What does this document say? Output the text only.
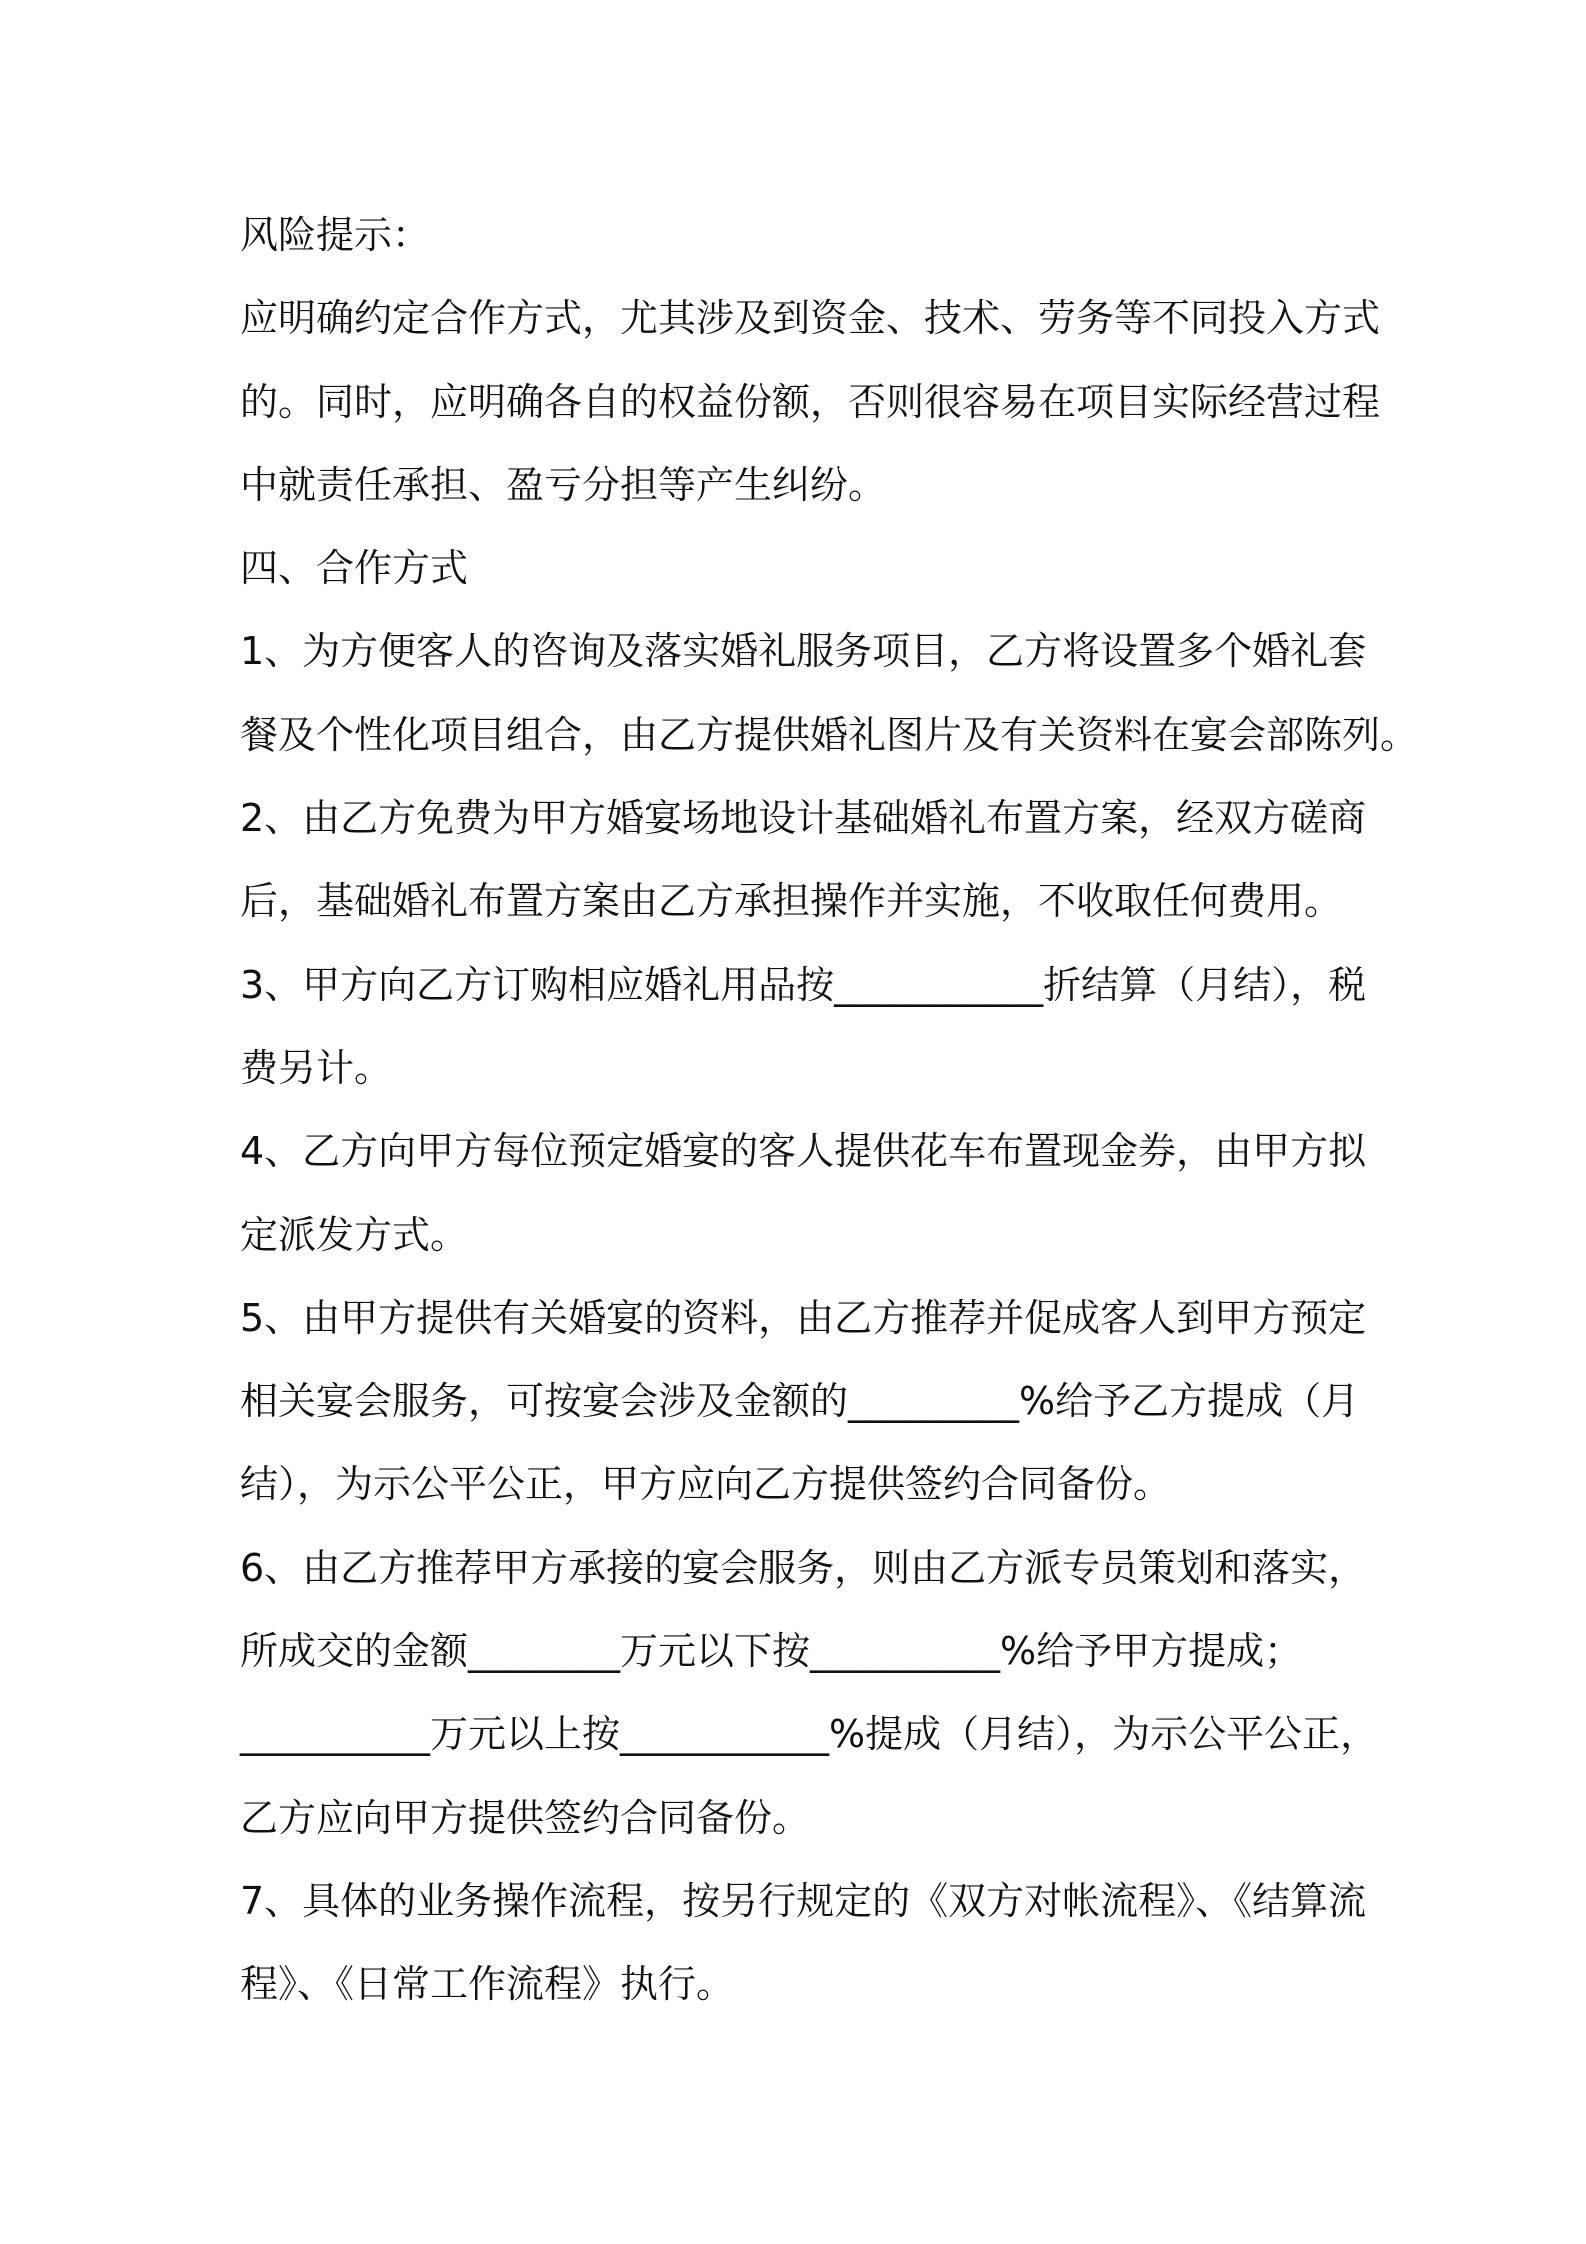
风险提示：
应明确约定合作方式，尤其涉及到资金、技术、劳务等不同投入方式
的。同时，应明确各自的权益份额，否则很容易在项目实际经营过程
中就责任承担、盈亏分担等产生纠纷。
四、合作方式
1、为方便客人的咨询及落实婚礼服务项目，乙方将设置多个婚礼套
餐及个性化项目组合，由乙方提供婚礼图片及有关资料在宴会部陈列。
2、由乙方免费为甲方婚宴场地设计基础婚礼布置方案，经双方磋商
后，基础婚礼布置方案由乙方承担操作并实施，不收取任何费用。
3、甲方向乙方订购相应婚礼用品按___________折结算（月结），税
费另计。
4、乙方向甲方每位预定婚宴的客人提供花车布置现金券，由甲方拟
定派发方式。
5、由甲方提供有关婚宴的资料，由乙方推荐并促成客人到甲方预定
相关宴会服务，可按宴会涉及金额的_________%给予乙方提成（月
结），为示公平公正，甲方应向乙方提供签约合同备份。
6、由乙方推荐甲方承接的宴会服务，则由乙方派专员策划和落实，
所成交的金额________万元以下按__________%给予甲方提成；
__________万元以上按___________%提成（月结），为示公平公正，
乙方应向甲方提供签约合同备份。
7、具体的业务操作流程，按另行规定的《双方对帐流程》、《结算流
程》、《日常工作流程》执行。
